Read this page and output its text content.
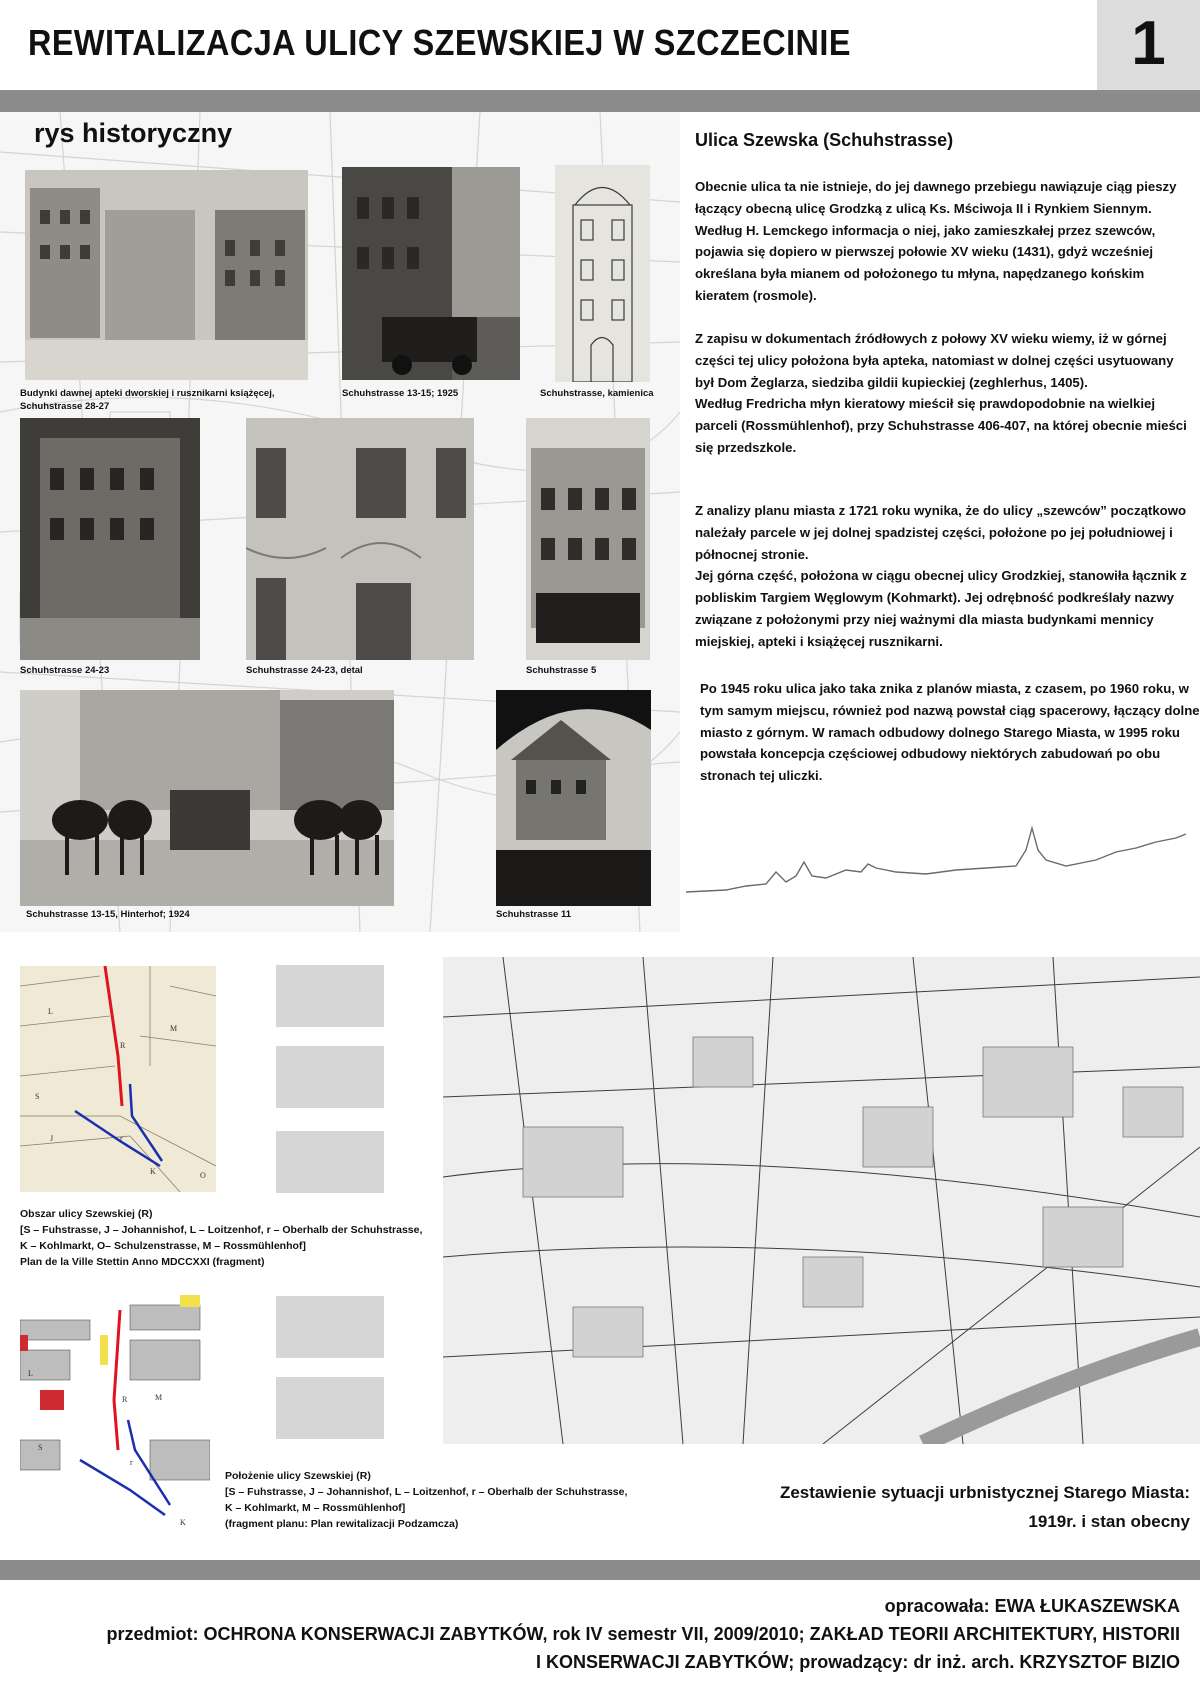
REWITALIZACJA ULICY SZEWSKIEJ W SZCZECINIE	1
rys historyczny	Ulica Szewska (Schuhstrasse)
Obecnie ulica ta nie istnieje, do jej dawnego przebiegu nawiązuje ciąg pieszy łączący obecną ulicę Grodzką z ulicą Ks. Mściwoja II i Rynkiem Siennym. Według H. Lemckego informacja o niej, jako zamieszkałej przez szewców, pojawia się dopiero w pierwszej połowie XV wieku (1431), gdyż wcześniej określana była mianem od położonego tu młyna, napędzanego końskim kieratem (rosmole).
Z zapisu w dokumentach źródłowych z połowy XV wieku wiemy, iż w górnej części tej ulicy położona była apteka, natomiast w dolnej części usytuowany był Dom Żeglarza, siedziba gildii kupieckiej (zeghlerhus, 1405).
Według Fredricha młyn kieratowy mieścił się prawdopodobnie na wielkiej parceli (Rossmühlenhof), przy Schuhstrasse 406-407, na której obecnie mieści się przedszkole.
Z analizy planu miasta z 1721 roku wynika, że do ulicy „szewców” początkowo należały parcele w jej dolnej spadzistej części, położone po jej południowej i północnej stronie.
Jej górna część, położona w ciągu obecnej ulicy Grodzkiej, stanowiła łącznik z pobliskim Targiem Węglowym (Kohmarkt). Jej odrębność podkreślały nazwy związane z położonymi przy niej ważnymi dla miasta budynkami mennicy miejskiej, apteki i książęcej rusznikarni.
Po 1945 roku ulica jako taka znika z planów miasta, z czasem, po 1960 roku, w tym samym miejscu, również pod nazwą powstał ciąg spacerowy, łączący dolne miasto z górnym. W ramach odbudowy dolnego Starego Miasta, w 1995 roku powstała koncepcja częściowej odbudowy niektórych zabudowań po obu stronach tej uliczki.
Budynki dawnej apteki dworskiej i rusznikarni książęcej, Schuhstrasse 28-27
Schuhstrasse 13-15; 1925	Schuhstrasse, kamienica
Schuhstrasse 24-23	Schuhstrasse 24-23, detal	Schuhstrasse 5
Schuhstrasse 13-15, Hinterhof; 1924	Schuhstrasse 11
L
R
M
S
J	r
O
K
Obszar ulicy Szewskiej (R)
[S – Fuhstrasse, J – Johannishof, L – Loitzenhof, r – Oberhalb der Schuhstrasse,
K – Kohlmarkt, O– Schulzenstrasse, M – Rossmühlenhof]
Plan de la Ville Stettin Anno MDCCXXI (fragment)
L
R	M
S
r
K
Położenie ulicy Szewskiej (R)
[S – Fuhstrasse, J – Johannishof, L – Loitzenhof, r – Oberhalb der Schuhstrasse,
K – Kohlmarkt, M – Rossmühlenhof]
(fragment planu: Plan rewitalizacji Podzamcza)
Zestawienie sytuacji urbnistycznej Starego Miasta:
1919r. i stan obecny
opracowała: EWA ŁUKASZEWSKA
przedmiot: OCHRONA KONSERWACJI ZABYTKÓW, rok IV semestr VII, 2009/2010; ZAKŁAD TEORII ARCHITEKTURY, HISTORII
I KONSERWACJI ZABYTKÓW; prowadzący: dr inż. arch. KRZYSZTOF BIZIO
